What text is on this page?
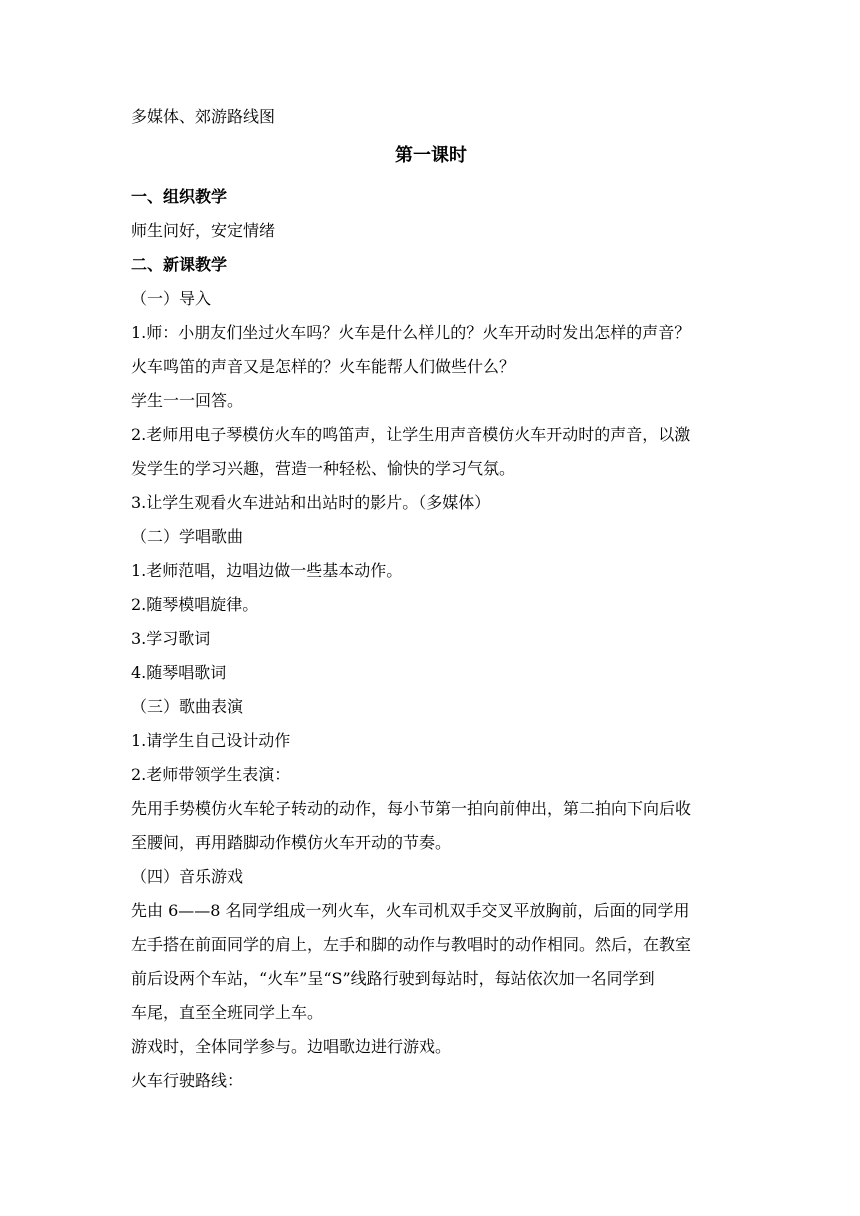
多媒体、郊游路线图

第一课时

一、组织教学

师生问好，安定情绪

二、新课教学

（一）导入

1.师：小朋友们坐过火车吗？火车是什么样儿的？火车开动时发出怎样的声音？

火车鸣笛的声音又是怎样的？火车能帮人们做些什么？

学生一一回答。

2.老师用电子琴模仿火车的鸣笛声，让学生用声音模仿火车开动时的声音，以激

发学生的学习兴趣，营造一种轻松、愉快的学习气氛。

3.让学生观看火车进站和出站时的影片。（多媒体）

（二）学唱歌曲

1.老师范唱，边唱边做一些基本动作。

2.随琴模唱旋律。

3.学习歌词

4.随琴唱歌词

（三）歌曲表演

1.请学生自己设计动作

2.老师带领学生表演：

先用手势模仿火车轮子转动的动作，每小节第一拍向前伸出，第二拍向下向后收

至腰间，再用踏脚动作模仿火车开动的节奏。

（四）音乐游戏

先由 6——8 名同学组成一列火车，火车司机双手交叉平放胸前，后面的同学用

左手搭在前面同学的肩上，左手和脚的动作与教唱时的动作相同。然后，在教室

前后设两个车站，“火车”呈“S”线路行驶到每站时，每站依次加一名同学到

车尾，直至全班同学上车。

游戏时，全体同学参与。边唱歌边进行游戏。

火车行驶路线：
